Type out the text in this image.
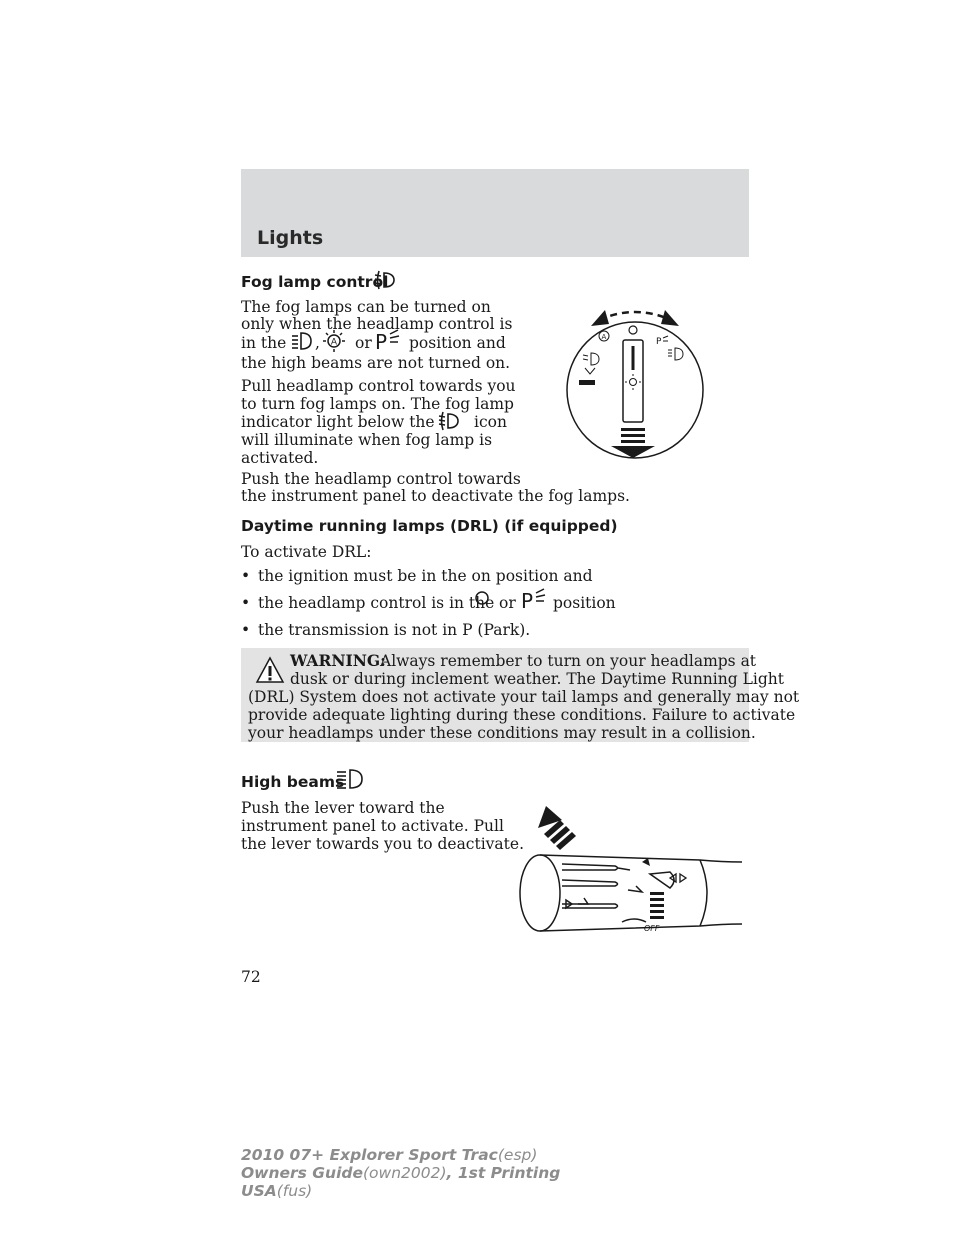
Lights
Fog lamp control
The fog lamps can be turned on
only when the headlamp control is
in the , A or P position and
the high beams are not turned on.
Pull headlamp control towards you
to turn fog lamps on. The fog lamp
indicator light below the	icon
will illuminate when fog lamp is
activated.
Push the headlamp control towards
the instrument panel to deactivate the fog lamps.
A	P
Daytime running lamps (DRL) (if equipped)
To activate DRL:
• the ignition must be in the on position and
• the headlamp control is in the or P position
• the transmission is not in P (Park).
WARNING:
Always remember to turn on your headlamps at
dusk or during inclement weather. The Daytime Running Light
(DRL) System does not activate your tail lamps and generally may not
provide adequate lighting during these conditions. Failure to activate
your headlamps under these conditions may result in a collision.
High beams
Push the lever toward the
instrument panel to activate. Pull
the lever towards you to deactivate.
OFF
72
2010 07+ Explorer Sport Trac(esp)
Owners Guide(own2002), 1st Printing
USA(fus)
